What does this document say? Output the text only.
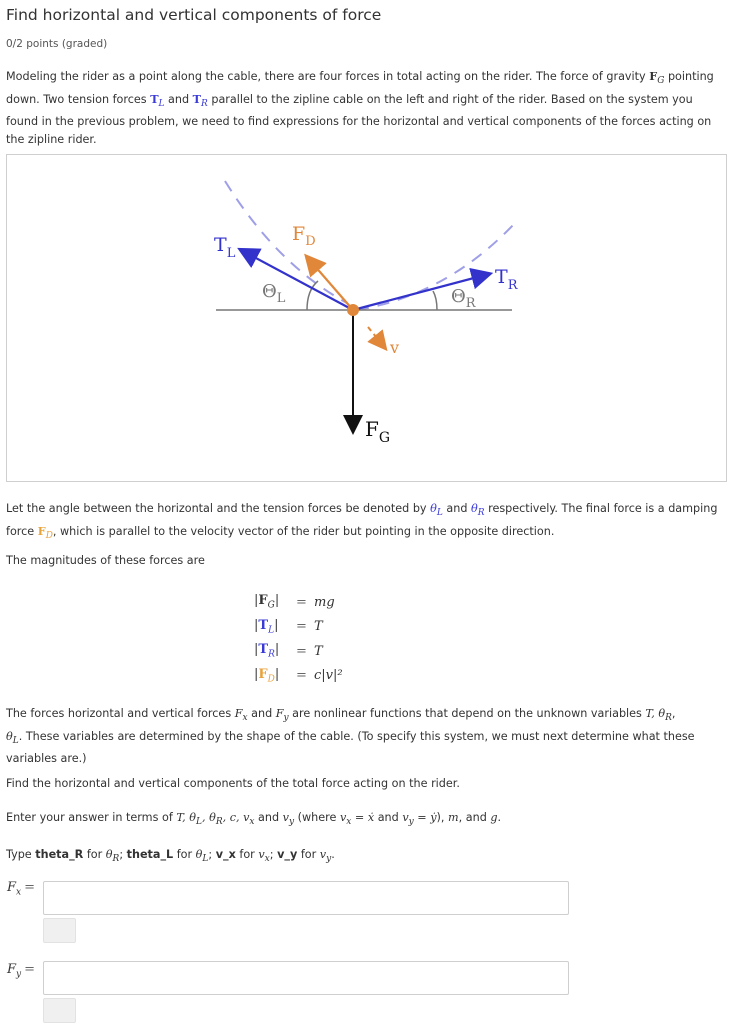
Find horizontal and vertical components of force
0/2 points (graded)
Modeling the rider as a point along the cable, there are four forces in total acting on the rider. The force of gravity $F_G$ pointing down. Two tension forces $T_L$ and $T_R$ parallel to the zipline cable on the left and right of the rider. Based on the system you found in the previous problem, we need to find expressions for the horizontal and vertical components of the forces acting on the zipline rider.
$T_L$
$F_D$
$T_R$
$\Theta_L$	$\Theta_R$
v
$F_G$
Let the angle between the horizontal and the tension forces be denoted by $\theta_L$ and $\theta_R$ respectively. The final force is a damping force $F_D$, which is parallel to the velocity vector of the rider but pointing in the opposite direction.
The magnitudes of these forces are
$|F_G|$	= mg
$|T_L|$	= T
$|T_R|$	= T
$|F_D|$	= c|v|²
The forces horizontal and vertical forces $F_x$ and $F_y$ are nonlinear functions that depend on the unknown variables T, $\theta_R$,
$\theta_L$. These variables are determined by the shape of the cable. (To specify this system, we must next determine what these variables are.)
Find the horizontal and vertical components of the total force acting on the rider.
Enter your answer in terms of T, $\theta_L$, $\theta_R$, c, $v_x$ and $v_y$ (where $v_x$ = ẋ and $v_y$ = ẏ), m, and g.
Type theta_R for $\theta_R$; theta_L for $\theta_L$; v_x for $v_x$; v_y for $v_y$.
$F_x$ =
$F_y$ =
